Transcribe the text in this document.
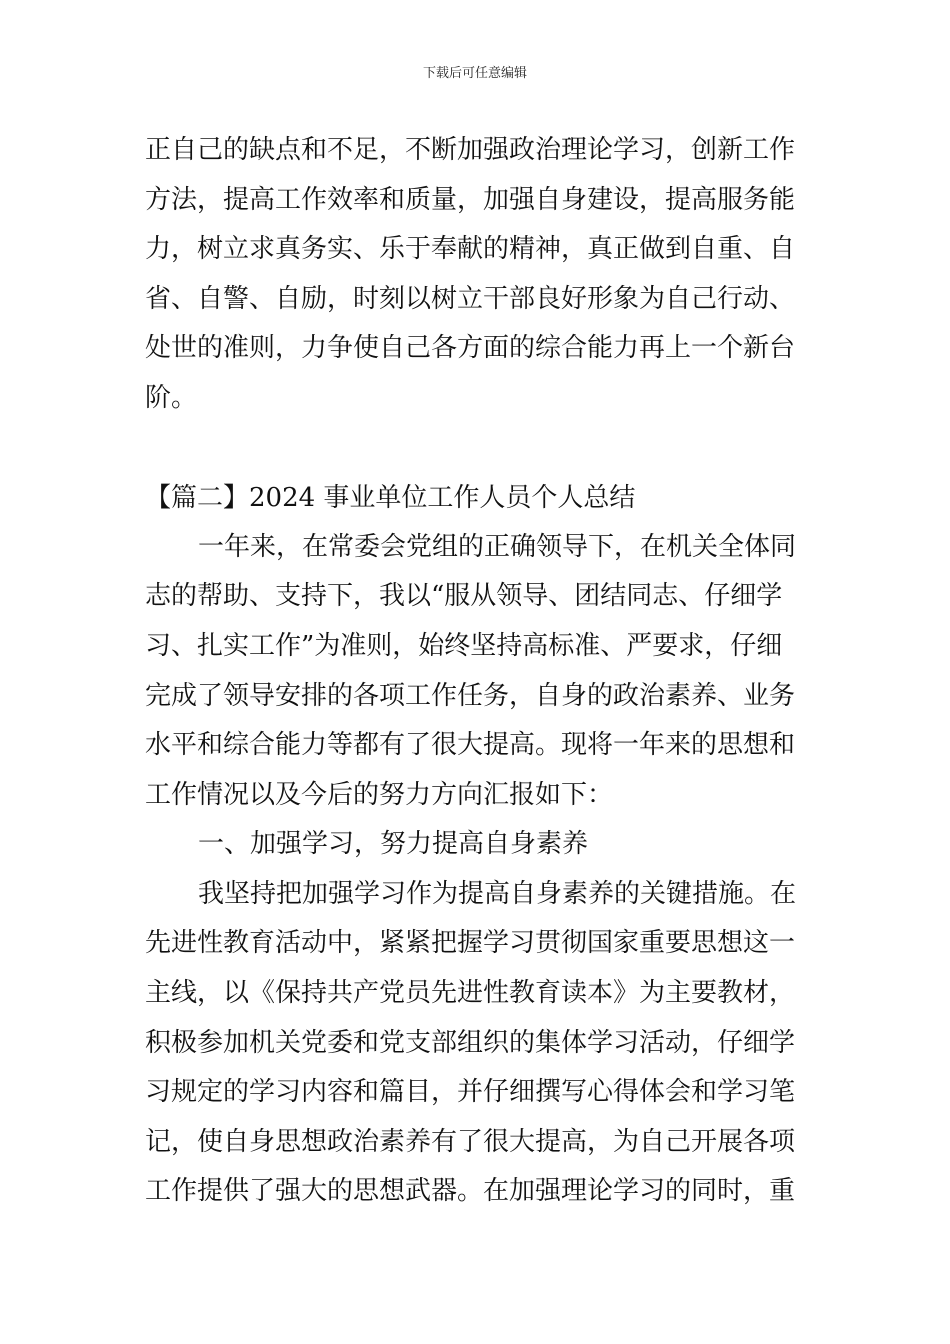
下载后可任意编辑
正自己的缺点和不足，不断加强政治理论学习，创新工作
方法，提高工作效率和质量，加强自身建设，提高服务能
力，树立求真务实、乐于奉献的精神，真正做到自重、自
省、自警、自励，时刻以树立干部良好形象为自己行动、
处世的准则，力争使自己各方面的综合能力再上一个新台
阶。
【篇二】2024 事业单位工作人员个人总结
一年来，在常委会党组的正确领导下，在机关全体同
志的帮助、支持下，我以“服从领导、团结同志、仔细学
习、扎实工作”为准则，始终坚持高标准、严要求，仔细
完成了领导安排的各项工作任务，自身的政治素养、业务
水平和综合能力等都有了很大提高。现将一年来的思想和
工作情况以及今后的努力方向汇报如下：
一、加强学习，努力提高自身素养
我坚持把加强学习作为提高自身素养的关键措施。在
先进性教育活动中，紧紧把握学习贯彻国家重要思想这一
主线，以《保持共产党员先进性教育读本》为主要教材，
积极参加机关党委和党支部组织的集体学习活动，仔细学
习规定的学习内容和篇目，并仔细撰写心得体会和学习笔
记，使自身思想政治素养有了很大提高，为自己开展各项
工作提供了强大的思想武器。在加强理论学习的同时，重
